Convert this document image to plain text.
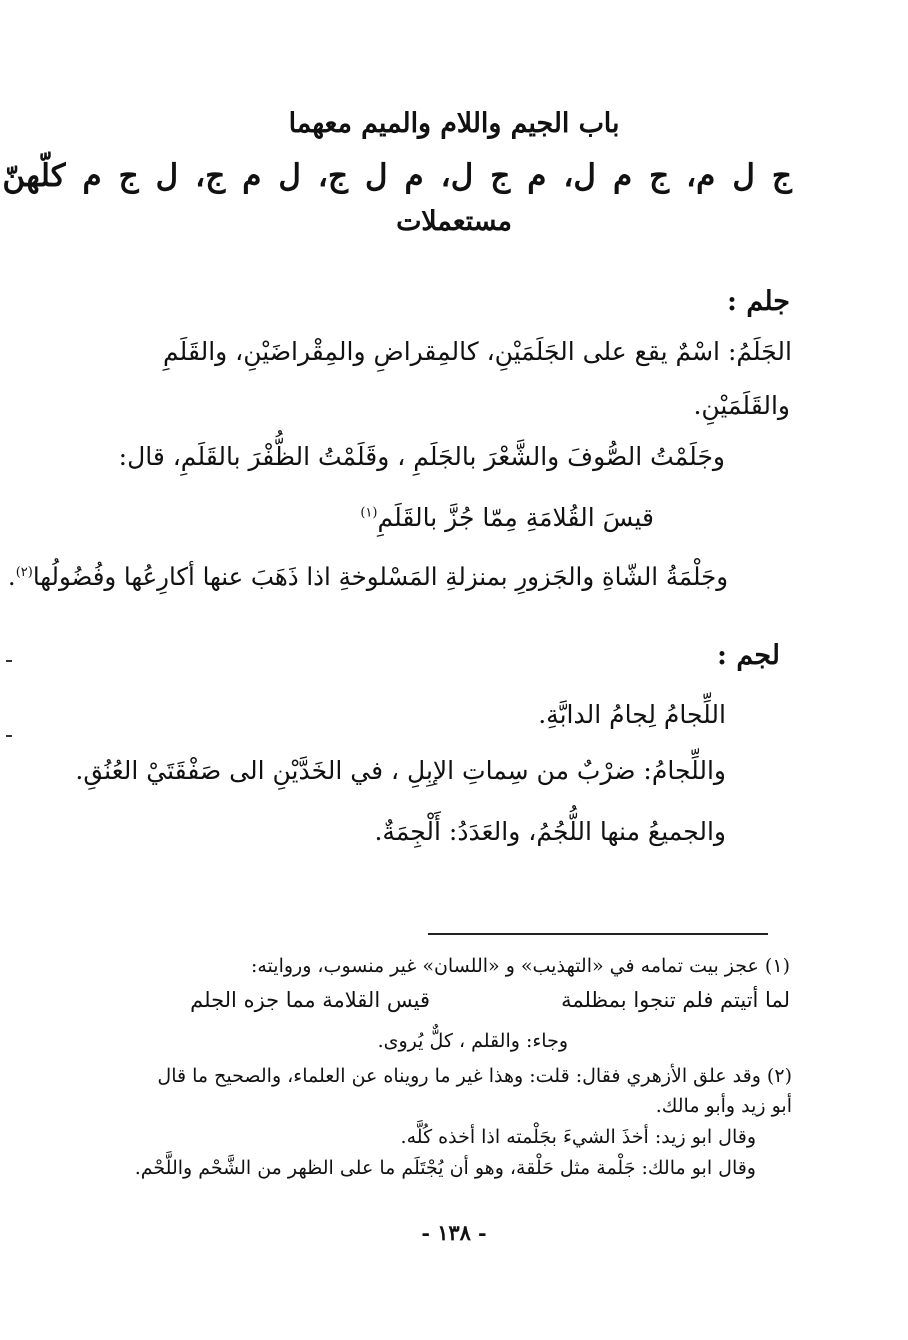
باب الجيم واللام والميم معهما
ج ل م، ج م ل، م ج ل، م ل ج، ل م ج، ل ج م كلّهنّ
مستعملات
جلم :
الجَلَمُ: اسْمٌ يقع على الجَلَمَيْنِ، كالمِقراضِ والمِقْراضَيْنِ، والقَلَمِ
والقَلَمَيْنِ.
وجَلَمْتُ الصُّوفَ والشَّعْرَ بالجَلَمِ ، وقَلَمْتُ الظُّفْرَ بالقَلَمِ، قال:
قيسَ القُلامَةِ مِمّا جُزَّ بالقَلَمِ$^{(١)}$
وجَلْمَةُ الشّاةِ والجَزورِ بمنزلةِ المَسْلوخةِ اذا ذَهَبَ عنها أكارِعُها وفُضُولُها$^{(٢)}$.
لجم :
اللِّجامُ لِجامُ الدابَّةِ.
واللِّجامُ: ضرْبٌ من سِماتِ الإبِلِ ، في الخَدَّيْنِ الى صَفْقَتَيْ العُنُقِ.
والجميعُ منها اللُّجُمُ، والعَدَدُ: أَلْجِمَةٌ.
(١) عجز بيت تمامه في «التهذيب» و «اللسان» غير منسوب، وروايته:
لما أتيتم فلم تنجوا بمظلمة
قيس القلامة مما جزه الجلم
وجاء: والقلم ، كلٌّ يُروى.
(٢) وقد علق الأزهري فقال: قلت: وهذا غير ما رويناه عن العلماء، والصحيح ما قال
أبو زيد وأبو مالك.
وقال ابو زيد: أخذَ الشيءَ بجَلْمته اذا أخذه كُلَّه.
وقال ابو مالك: جَلْمة مثل حَلْقة، وهو أن يُجْتَلَم ما على الظهر من الشَّحْم واللَّحْم.
- ١٣٨ -
